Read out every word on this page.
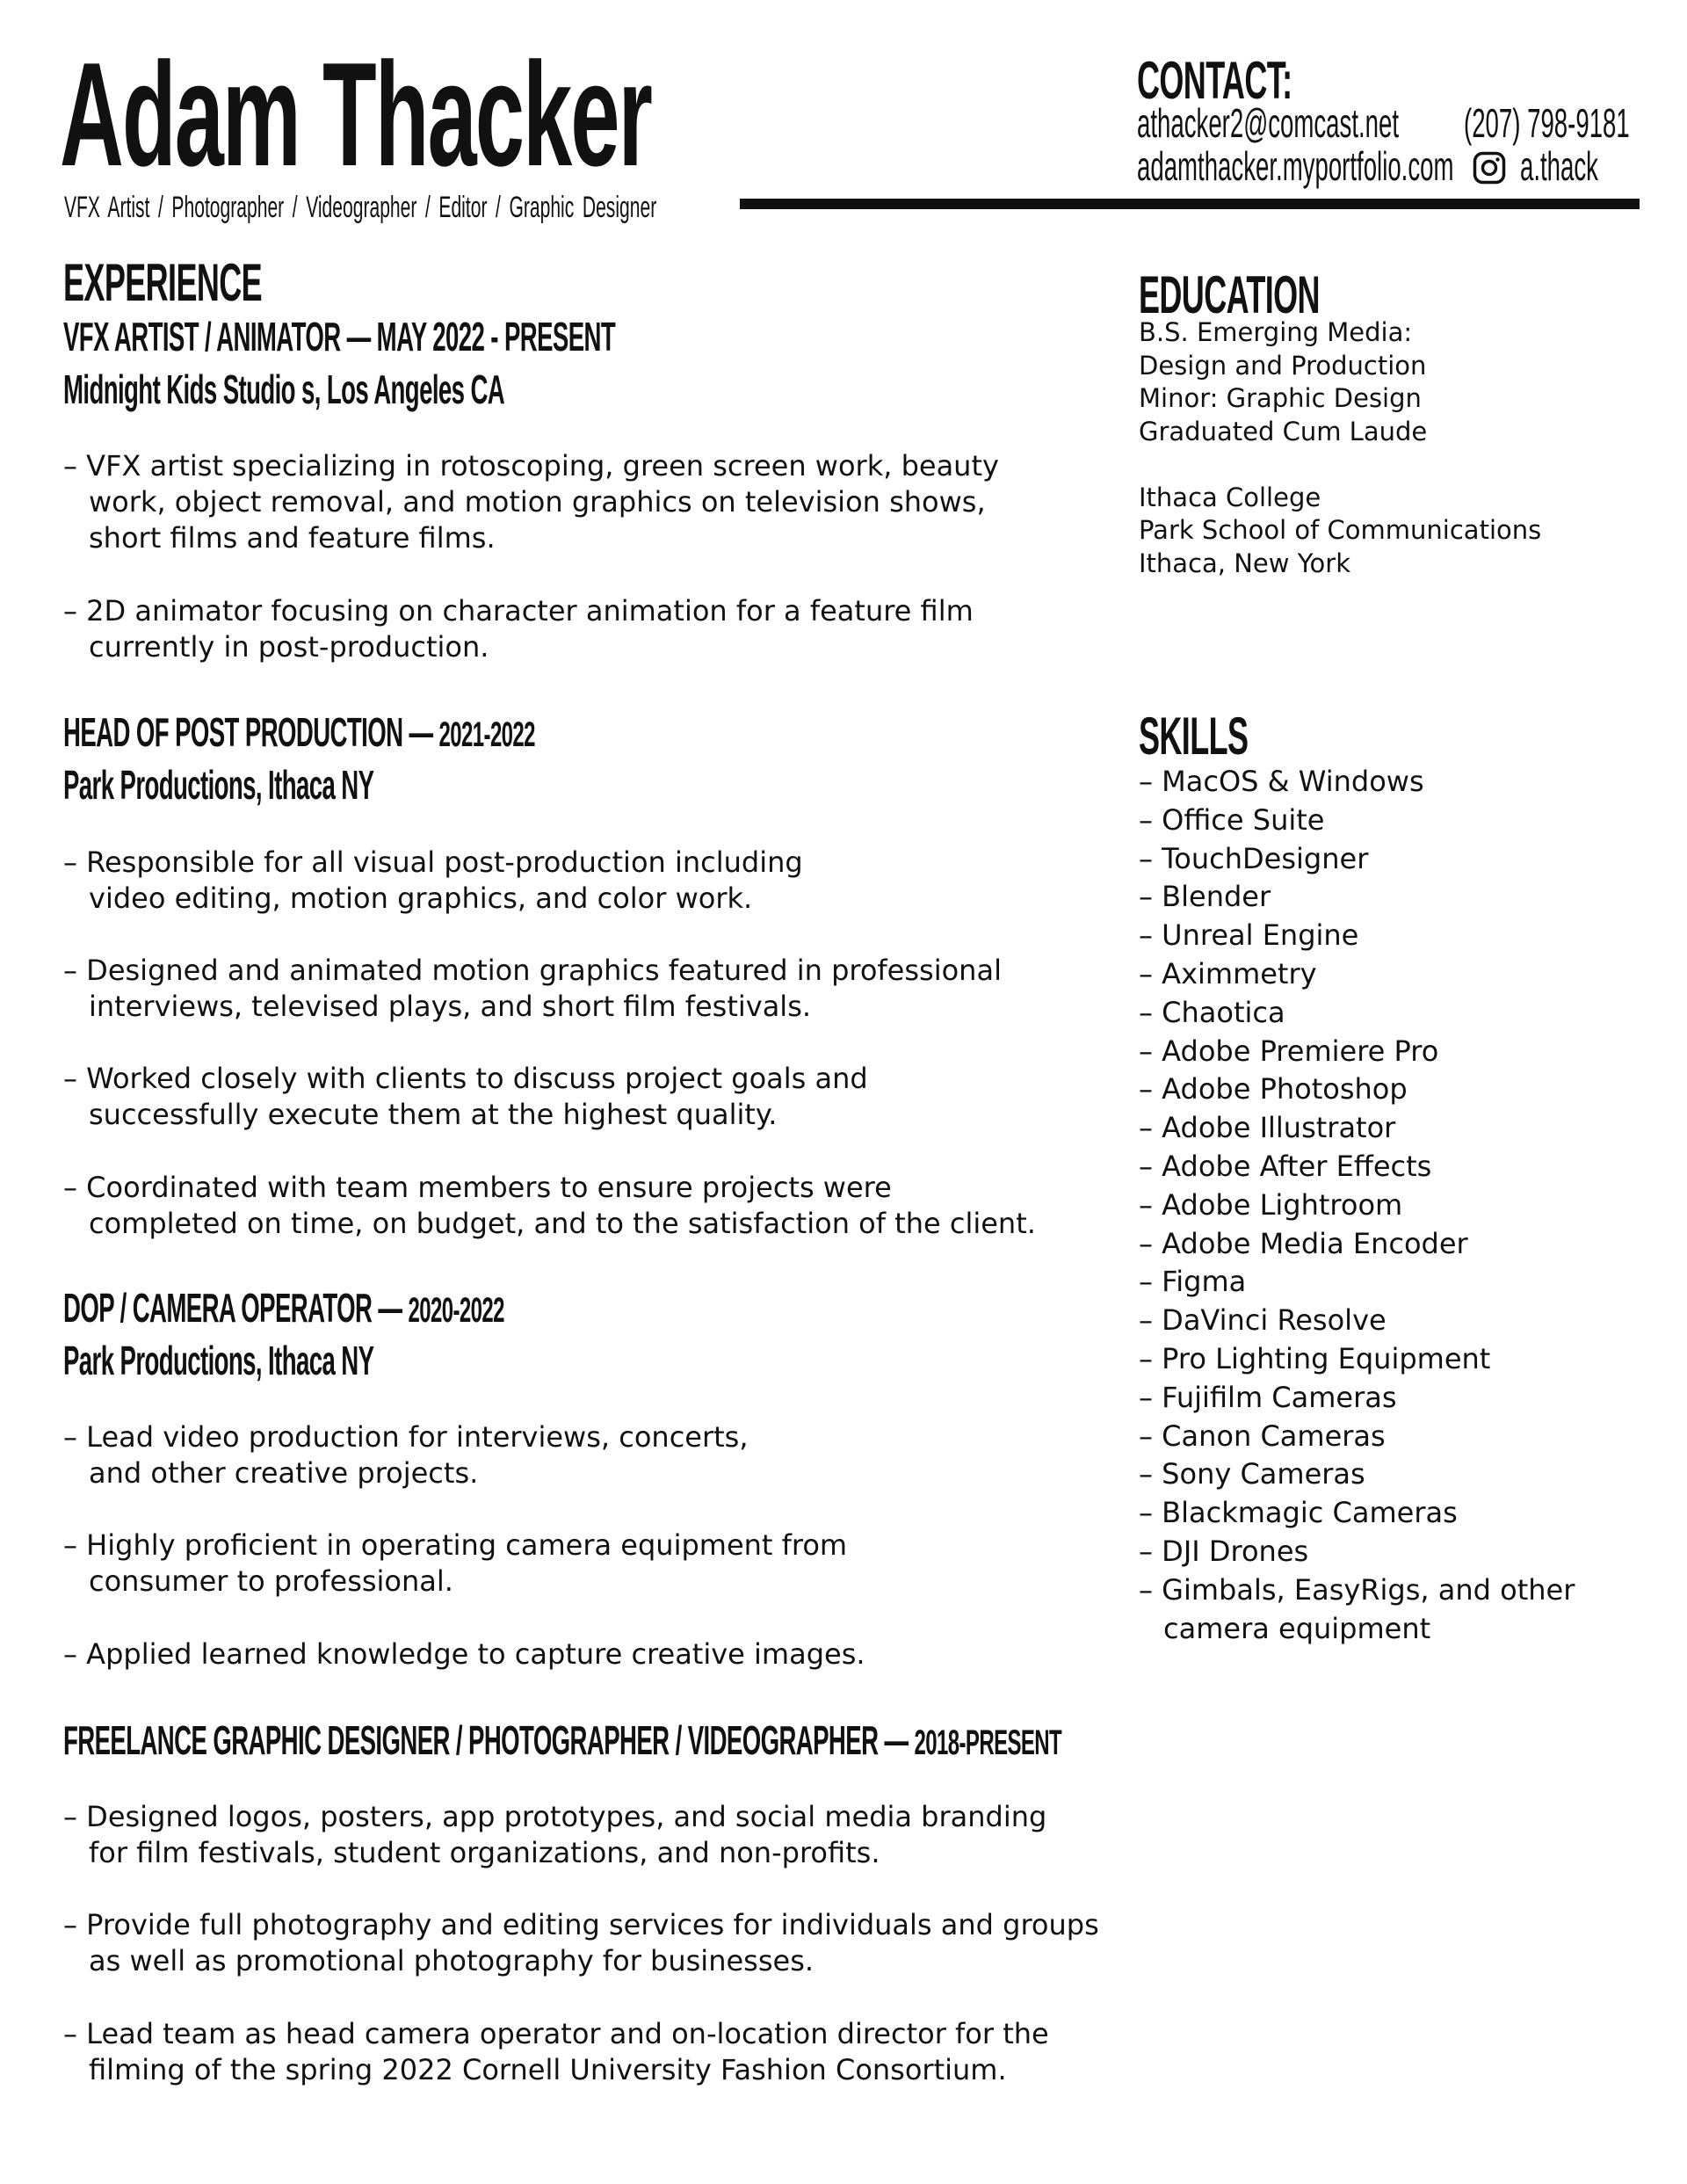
Adam Thacker
VFX Artist / Photographer / Videographer / Editor / Graphic Designer
CONTACT:
athacker2@comcast.net (207) 798-9181
adamthacker.myportfolio.com a.thack
EXPERIENCE
VFX ARTIST / ANIMATOR — MAY 2022 - PRESENT
Midnight Kids Studio s, Los Angeles CA
– VFX artist specializing in rotoscoping, green screen work, beauty
work, object removal, and motion graphics on television shows,
short films and feature films.
– 2D animator focusing on character animation for a feature film
currently in post-production.
HEAD OF POST PRODUCTION — 2021-2022
Park Productions, Ithaca NY
– Responsible for all visual post-production including
video editing, motion graphics, and color work.
– Designed and animated motion graphics featured in professional
interviews, televised plays, and short film festivals.
– Worked closely with clients to discuss project goals and
successfully execute them at the highest quality.
– Coordinated with team members to ensure projects were
completed on time, on budget, and to the satisfaction of the client.
DOP / CAMERA OPERATOR — 2020-2022
Park Productions, Ithaca NY
– Lead video production for interviews, concerts,
and other creative projects.
– Highly proficient in operating camera equipment from
consumer to professional.
– Applied learned knowledge to capture creative images.
FREELANCE GRAPHIC DESIGNER / PHOTOGRAPHER / VIDEOGRAPHER — 2018-PRESENT
– Designed logos, posters, app prototypes, and social media branding
for film festivals, student organizations, and non-profits.
– Provide full photography and editing services for individuals and groups
as well as promotional photography for businesses.
– Lead team as head camera operator and on-location director for the
filming of the spring 2022 Cornell University Fashion Consortium.
EDUCATION
B.S. Emerging Media:
Design and Production
Minor: Graphic Design
Graduated Cum Laude
Ithaca College
Park School of Communications
Ithaca, New York
SKILLS
– MacOS & Windows
– Office Suite
– TouchDesigner
– Blender
– Unreal Engine
– Aximmetry
– Chaotica
– Adobe Premiere Pro
– Adobe Photoshop
– Adobe Illustrator
– Adobe After Effects
– Adobe Lightroom
– Adobe Media Encoder
– Figma
– DaVinci Resolve
– Pro Lighting Equipment
– Fujifilm Cameras
– Canon Cameras
– Sony Cameras
– Blackmagic Cameras
– DJI Drones
– Gimbals, EasyRigs, and other
camera equipment
